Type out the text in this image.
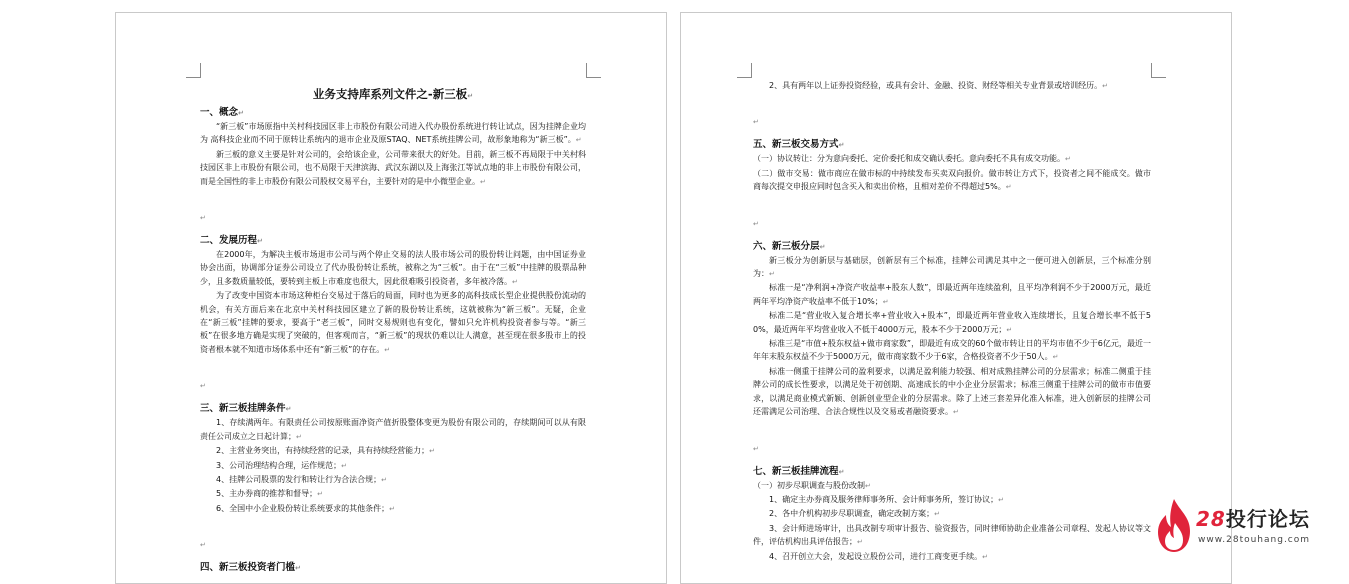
业务支持库系列文件之-新三板↵

一、概念↵

“新三板”市场原指中关村科技园区非上市股份有限公司进入代办股份系统进行转让试点，因为挂牌企业均为 高科技企业而不同于原转让系统内的退市企业及原STAQ、NET系统挂牌公司，故形象地称为“新三板”。↵

新三板的意义主要是针对公司的，会给该企业，公司带来很大的好处。目前，新三板不再局限于中关村科技园区非上市股份有限公司，也不局限于天津滨海、武汉东湖以及上海张江等试点地的非上市股份有限公司，而是全国性的非上市股份有限公司股权交易平台，主要针对的是中小微型企业。↵

↵

二、发展历程↵

在2000年，为解决主板市场退市公司与两个停止交易的法人股市场公司的股份转让问题，由中国证券业协会出面，协调部分证券公司设立了代办股份转让系统，被称之为“三板”。由于在“三板”中挂牌的股票品种少，且多数质量较低，要转到主板上市难度也很大，因此很难吸引投资者，多年被冷落。↵

为了改变中国资本市场这种柜台交易过于落后的局面，同时也为更多的高科技成长型企业提供股份流动的机会，有关方面后来在北京中关村科技园区建立了新的股份转让系统，这就被称为“新三板”。无疑，企业在“新三板”挂牌的要求，要高于“老三板”，同时交易规则也有变化，譬如只允许机构投资者参与等。“新三板”在很多地方确是实现了突破的，但客观而言，“新三板”的现状仍难以让人满意，甚至现在很多股市上的投资者根本就不知道市场体系中还有“新三板”的存在。↵

↵

三、新三板挂牌条件↵

1、存续满两年。有限责任公司按原账面净资产值折股整体变更为股份有限公司的，存续期间可以从有限责任公司成立之日起计算；↵

2、主营业务突出，有持续经营的记录，具有持续经营能力；↵

3、公司治理结构合理，运作规范；↵

4、挂牌公司股票的发行和转让行为合法合规；↵

5、主办券商的推荐和督导；↵

6、全国中小企业股份转让系统要求的其他条件；↵

↵

四、新三板投资者门槛↵

2、具有两年以上证券投资经验，或具有会计、金融、投资、财经等相关专业背景或培训经历。↵

↵

五、新三板交易方式↵

（一）协议转让：分为意向委托、定价委托和成交确认委托。意向委托不具有成交功能。↵

（二）做市交易：做市商应在做市标的中持续发布买卖双向报价。做市转让方式下，投资者之间不能成交。做市商每次提交申报应同时包含买入和卖出价格，且相对差价不得超过5%。↵

↵

六、新三板分层↵

新三板分为创新层与基础层，创新层有三个标准，挂牌公司满足其中之一便可进入创新层，三个标准分别为：↵

标准一是“净利润+净资产收益率+股东人数”，即最近两年连续盈利，且平均净利润不少于2000万元，最近两年平均净资产收益率不低于10%；↵

标准二是“营业收入复合增长率+营业收入+股本”，即最近两年营业收入连续增长，且复合增长率不低于50%，最近两年平均营业收入不低于4000万元，股本不少于2000万元；↵

标准三是“市值+股东权益+做市商家数”，即最近有成交的60个做市转让日的平均市值不少于6亿元，最近一年年末股东权益不少于5000万元，做市商家数不少于6家，合格投资者不少于50人。↵

标准一侧重于挂牌公司的盈利要求，以满足盈利能力较强、相对成熟挂牌公司的分层需求；标准二侧重于挂牌公司的成长性要求，以满足处于初创期、高速成长的中小企业分层需求；标准三侧重于挂牌公司的做市市值要求，以满足商业模式新颖、创新创业型企业的分层需求。除了上述三套差异化准入标准，进入创新层的挂牌公司还需满足公司治理、合法合规性以及交易或者融资要求。↵

↵

七、新三板挂牌流程↵

（一）初步尽职调查与股份改制↵

1、确定主办券商及服务律师事务所、会计师事务所，签订协议；↵

2、各中介机构初步尽职调查，确定改制方案；↵

3、会计师进场审计，出具改制专项审计报告、验资报告，同时律师协助企业准备公司章程、发起人协议等文件，评估机构出具评估报告；↵

4、召开创立大会，发起设立股份公司，进行工商变更手续。↵

28投行论坛
www.28touhang.com
